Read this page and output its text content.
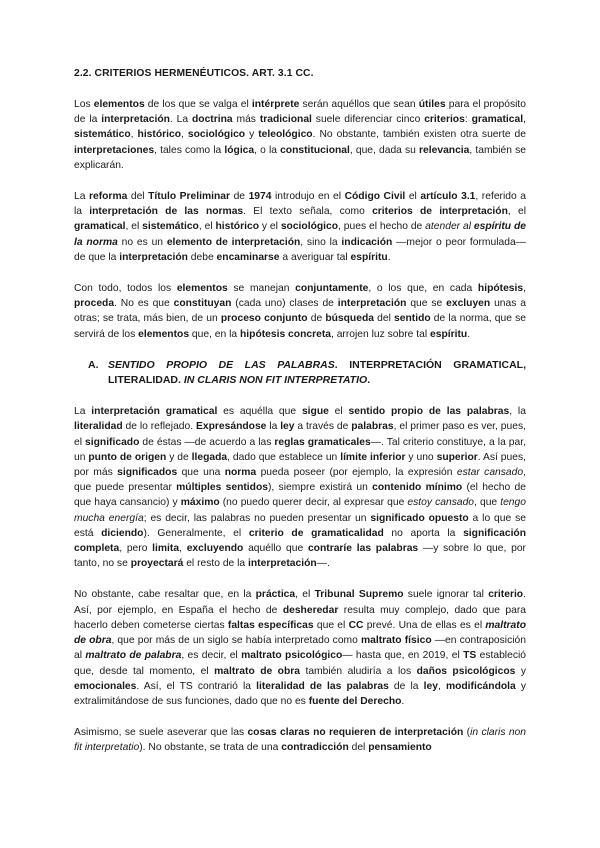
2.2. CRITERIOS HERMENÉUTICOS. ART. 3.1 CC.

Los elementos de los que se valga el intérprete serán aquéllos que sean útiles para el propósito de la interpretación. La doctrina más tradicional suele diferenciar cinco criterios: gramatical, sistemático, histórico, sociológico y teleológico. No obstante, también existen otra suerte de interpretaciones, tales como la lógica, o la constitucional, que, dada su relevancia, también se explicarán.

La reforma del Título Preliminar de 1974 introdujo en el Código Civil el artículo 3.1, referido a la interpretación de las normas. El texto señala, como criterios de interpretación, el gramatical, el sistemático, el histórico y el sociológico, pues el hecho de atender al espíritu de la norma no es un elemento de interpretación, sino la indicación —mejor o peor formulada— de que la interpretación debe encaminarse a averiguar tal espíritu.

Con todo, todos los elementos se manejan conjuntamente, o los que, en cada hipótesis, proceda. No es que constituyan (cada uno) clases de interpretación que se excluyen unas a otras; se trata, más bien, de un proceso conjunto de búsqueda del sentido de la norma, que se servirá de los elementos que, en la hipótesis concreta, arrojen luz sobre tal espíritu.

A. SENTIDO PROPIO DE LAS PALABRAS. INTERPRETACIÓN GRAMATICAL, LITERALIDAD. IN CLARIS NON FIT INTERPRETATIO.

La interpretación gramatical es aquélla que sigue el sentido propio de las palabras, la literalidad de lo reflejado. Expresándose la ley a través de palabras, el primer paso es ver, pues, el significado de éstas —de acuerdo a las reglas gramaticales—. Tal criterio constituye, a la par, un punto de origen y de llegada, dado que establece un límite inferior y uno superior. Así pues, por más significados que una norma pueda poseer (por ejemplo, la expresión estar cansado, que puede presentar múltiples sentidos), siempre existirá un contenido mínimo (el hecho de que haya cansancio) y máximo (no puedo querer decir, al expresar que estoy cansado, que tengo mucha energía; es decir, las palabras no pueden presentar un significado opuesto a lo que se está diciendo). Generalmente, el criterio de gramaticalidad no aporta la significación completa, pero limita, excluyendo aquéllo que contraríe las palabras —y sobre lo que, por tanto, no se proyectará el resto de la interpretación—.

No obstante, cabe resaltar que, en la práctica, el Tribunal Supremo suele ignorar tal criterio. Así, por ejemplo, en España el hecho de desheredar resulta muy complejo, dado que para hacerlo deben cometerse ciertas faltas específicas que el CC prevé. Una de ellas es el maltrato de obra, que por más de un siglo se había interpretado como maltrato físico —en contraposición al maltrato de palabra, es decir, el maltrato psicológico— hasta que, en 2019, el TS estableció que, desde tal momento, el maltrato de obra también aludiría a los daños psicológicos y emocionales. Así, el TS contrarió la literalidad de las palabras de la ley, modificándola y extralimitándose de sus funciones, dado que no es fuente del Derecho.

Asimismo, se suele aseverar que las cosas claras no requieren de interpretación (in claris non fit interpretatio). No obstante, se trata de una contradicción del pensamiento
